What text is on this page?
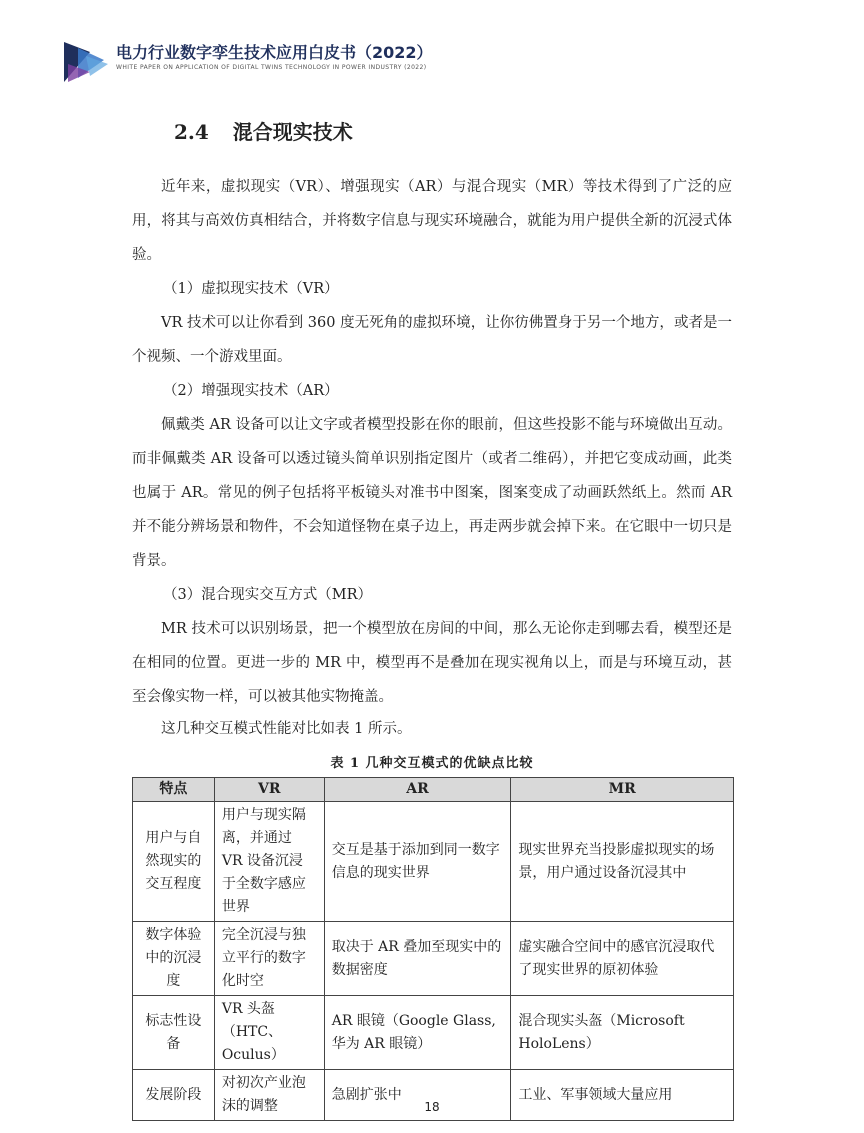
电力行业数字孪生技术应用白皮书（2022）
WHITE PAPER ON APPLICATION OF DIGITAL TWINS TECHNOLOGY IN POWER INDUSTRY (2022)
2.4 混合现实技术

近年来，虚拟现实（VR）、增强现实（AR）与混合现实（MR）等技术得到了广泛的应用，将其与高效仿真相结合，并将数字信息与现实环境融合，就能为用户提供全新的沉浸式体验。

（1）虚拟现实技术（VR）

VR 技术可以让你看到 360 度无死角的虚拟环境，让你彷佛置身于另一个地方，或者是一个视频、一个游戏里面。

（2）增强现实技术（AR）

佩戴类 AR 设备可以让文字或者模型投影在你的眼前，但这些投影不能与环境做出互动。而非佩戴类 AR 设备可以透过镜头简单识别指定图片（或者二维码），并把它变成动画，此类也属于 AR。常见的例子包括将平板镜头对准书中图案，图案变成了动画跃然纸上。然而 AR 并不能分辨场景和物件，不会知道怪物在桌子边上，再走两步就会掉下来。在它眼中一切只是背景。

（3）混合现实交互方式（MR）

MR 技术可以识别场景，把一个模型放在房间的中间，那么无论你走到哪去看，模型还是在相同的位置。更进一步的 MR 中，模型再不是叠加在现实视角以上，而是与环境互动，甚至会像实物一样，可以被其他实物掩盖。

这几种交互模式性能对比如表 1 所示。

表 1 几种交互模式的优缺点比较
特点	VR	AR	MR
用户与自然现实的交互程度	用户与现实隔离，并通过 VR 设备沉浸于全数字感应世界	交互是基于添加到同一数字信息的现实世界	现实世界充当投影虚拟现实的场景，用户通过设备沉浸其中
数字体验中的沉浸度	完全沉浸与独立平行的数字化时空	取决于 AR 叠加至现实中的数据密度	虚实融合空间中的感官沉浸取代了现实世界的原初体验
标志性设备	VR 头盔（HTC、Oculus）	AR 眼镜（Google Glass,华为 AR 眼镜）	混合现实头盔（Microsoft HoloLens）
发展阶段	对初次产业泡沫的调整	急剧扩张中	工业、军事领域大量应用
18
